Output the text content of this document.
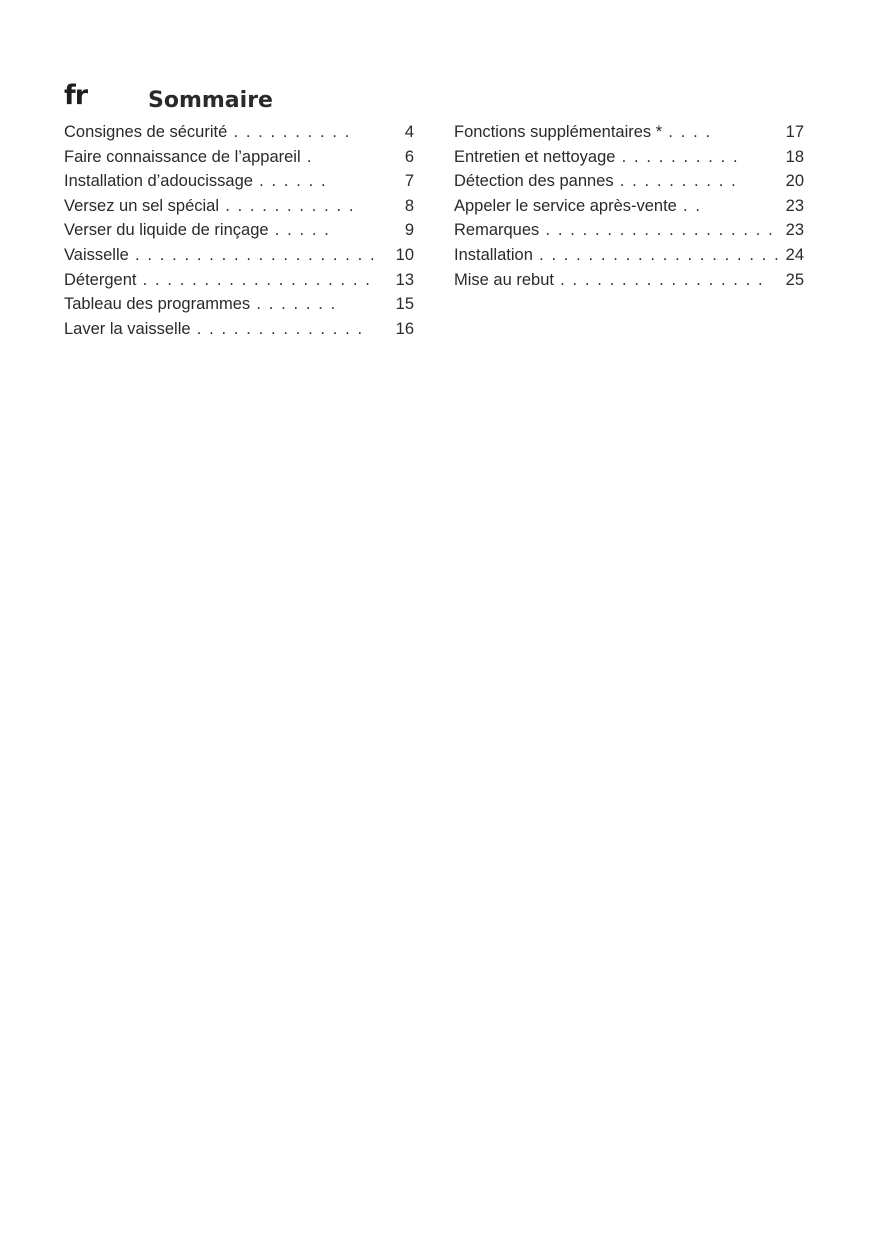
fr	Sommaire
Consignes de sécurité . . . . . . . . . .	4
Faire connaissance de l’appareil .	6
Installation d’adoucissage . . . . . .	7
Versez un sel spécial . . . . . . . . . . .	8
Verser du liquide de rinçage . . . . .	9
Vaisselle . . . . . . . . . . . . . . . . . . . . 10
Détergent . . . . . . . . . . . . . . . . . . . 13
Tableau des programmes . . . . . . .	15
Laver la vaisselle . . . . . . . . . . . . . . 16
Fonctions supplémentaires * . . . .	17
Entretien et nettoyage . . . . . . . . . .	18
Détection des pannes . . . . . . . . . .	20
Appeler le service après-vente . .	23
Remarques . . . . . . . . . . . . . . . . . . . 23
Installation . . . . . . . . . . . . . . . . . . . . 24
Mise au rebut . . . . . . . . . . . . . . . . . 25
